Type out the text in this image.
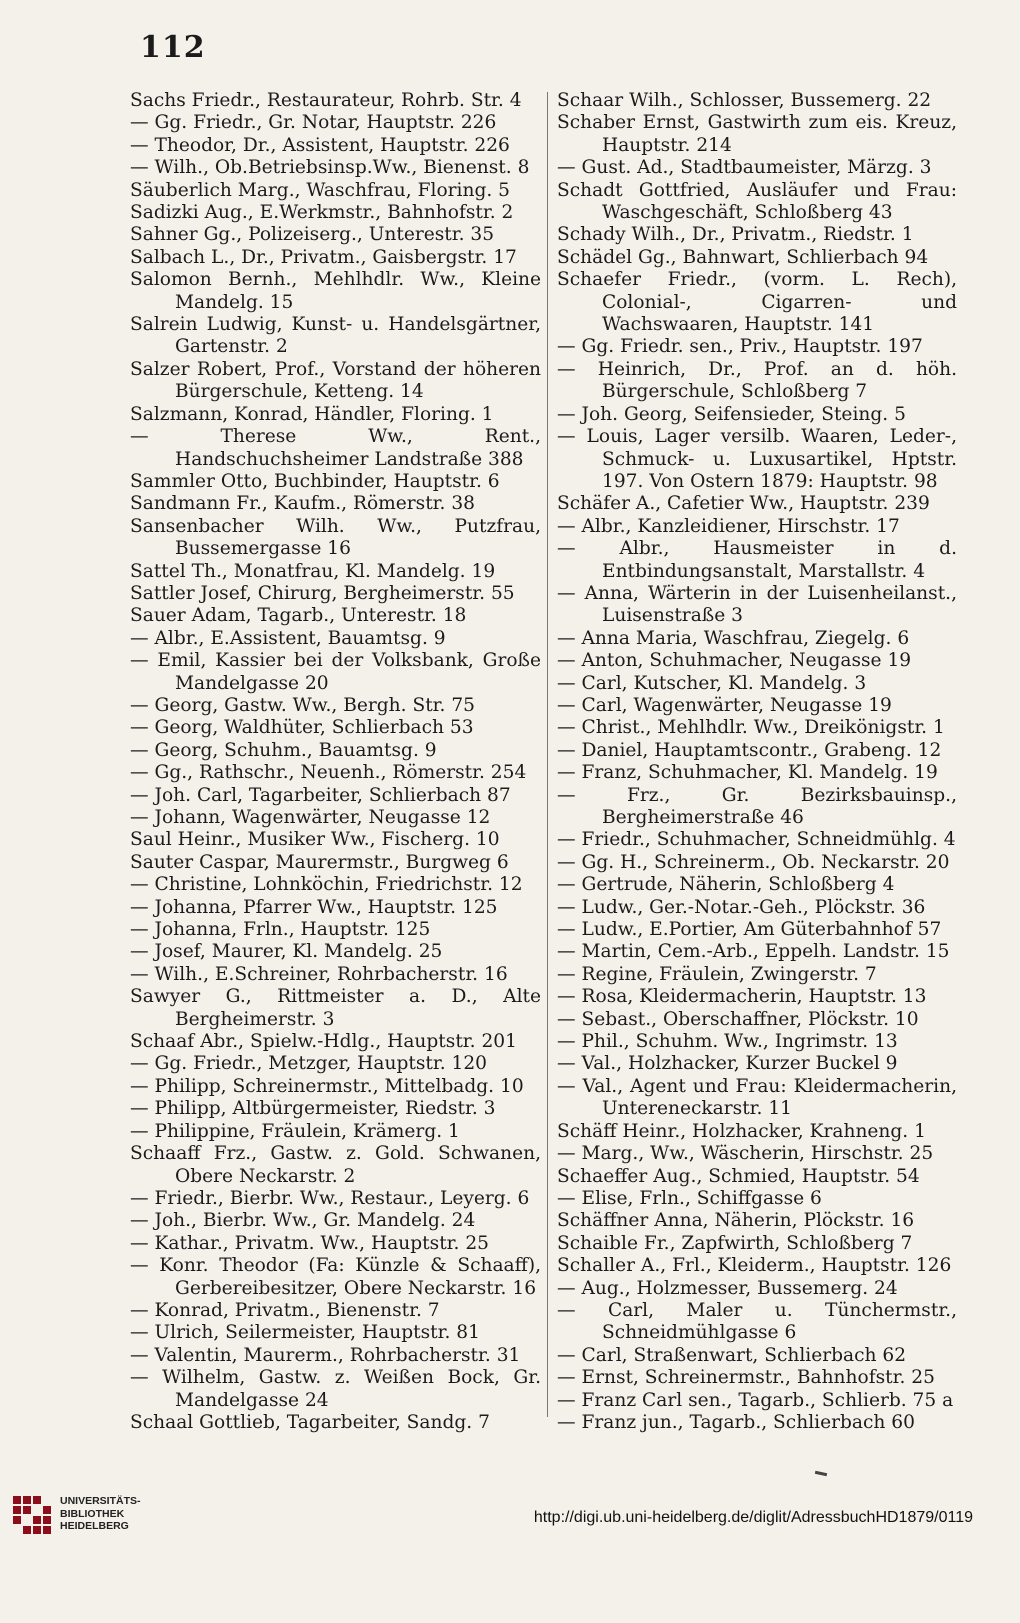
112
Sachs Friedr., Restaurateur, Rohrb. Str. 4
— Gg. Friedr., Gr. Notar, Hauptstr. 226
— Theodor, Dr., Assistent, Hauptstr. 226
— Wilh., Ob.Betriebsinsp.Ww., Bienenst. 8
Säuberlich Marg., Waschfrau, Floring. 5
Sadizki Aug., E.Werkmstr., Bahnhofstr. 2
Sahner Gg., Polizeiserg., Unterestr. 35
Salbach L., Dr., Privatm., Gaisbergstr. 17
Salomon Bernh., Mehlhdlr. Ww., Kleine Mandelg. 15
Salrein Ludwig, Kunst- u. Handelsgärtner, Gartenstr. 2
Salzer Robert, Prof., Vorstand der höheren Bürgerschule, Ketteng. 14
Salzmann, Konrad, Händler, Floring. 1
— Therese Ww., Rent., Handschuchsheimer Landstraße 388
Sammler Otto, Buchbinder, Hauptstr. 6
Sandmann Fr., Kaufm., Römerstr. 38
Sansenbacher Wilh. Ww., Putzfrau, Bussemergasse 16
Sattel Th., Monatfrau, Kl. Mandelg. 19
Sattler Josef, Chirurg, Bergheimerstr. 55
Sauer Adam, Tagarb., Unterestr. 18
— Albr., E.Assistent, Bauamtsg. 9
— Emil, Kassier bei der Volksbank, Große Mandelgasse 20
— Georg, Gastw. Ww., Bergh. Str. 75
— Georg, Waldhüter, Schlierbach 53
— Georg, Schuhm., Bauamtsg. 9
— Gg., Rathschr., Neuenh., Römerstr. 254
— Joh. Carl, Tagarbeiter, Schlierbach 87
— Johann, Wagenwärter, Neugasse 12
Saul Heinr., Musiker Ww., Fischerg. 10
Sauter Caspar, Maurermstr., Burgweg 6
— Christine, Lohnköchin, Friedrichstr. 12
— Johanna, Pfarrer Ww., Hauptstr. 125
— Johanna, Frln., Hauptstr. 125
— Josef, Maurer, Kl. Mandelg. 25
— Wilh., E.Schreiner, Rohrbacherstr. 16
Sawyer G., Rittmeister a. D., Alte Bergheimerstr. 3
Schaaf Abr., Spielw.-Hdlg., Hauptstr. 201
— Gg. Friedr., Metzger, Hauptstr. 120
— Philipp, Schreinermstr., Mittelbadg. 10
— Philipp, Altbürgermeister, Riedstr. 3
— Philippine, Fräulein, Krämerg. 1
Schaaff Frz., Gastw. z. Gold. Schwanen, Obere Neckarstr. 2
— Friedr., Bierbr. Ww., Restaur., Leyerg. 6
— Joh., Bierbr. Ww., Gr. Mandelg. 24
— Kathar., Privatm. Ww., Hauptstr. 25
— Konr. Theodor (Fa: Künzle & Schaaff), Gerbereibesitzer, Obere Neckarstr. 16
— Konrad, Privatm., Bienenstr. 7
— Ulrich, Seilermeister, Hauptstr. 81
— Valentin, Maurerm., Rohrbacherstr. 31
— Wilhelm, Gastw. z. Weißen Bock, Gr. Mandelgasse 24
Schaal Gottlieb, Tagarbeiter, Sandg. 7
Schaar Wilh., Schlosser, Bussemerg. 22
Schaber Ernst, Gastwirth zum eis. Kreuz, Hauptstr. 214
— Gust. Ad., Stadtbaumeister, Märzg. 3
Schadt Gottfried, Ausläufer und Frau: Waschgeschäft, Schloßberg 43
Schady Wilh., Dr., Privatm., Riedstr. 1
Schädel Gg., Bahnwart, Schlierbach 94
Schaefer Friedr., (vorm. L. Rech), Colonial-, Cigarren- und Wachswaaren, Hauptstr. 141
— Gg. Friedr. sen., Priv., Hauptstr. 197
— Heinrich, Dr., Prof. an d. höh. Bürgerschule, Schloßberg 7
— Joh. Georg, Seifensieder, Steing. 5
— Louis, Lager versilb. Waaren, Leder-, Schmuck- u. Luxusartikel, Hptstr. 197. Von Ostern 1879: Hauptstr. 98
Schäfer A., Cafetier Ww., Hauptstr. 239
— Albr., Kanzleidiener, Hirschstr. 17
— Albr., Hausmeister in d. Entbindungsanstalt, Marstallstr. 4
— Anna, Wärterin in der Luisenheilanst., Luisenstraße 3
— Anna Maria, Waschfrau, Ziegelg. 6
— Anton, Schuhmacher, Neugasse 19
— Carl, Kutscher, Kl. Mandelg. 3
— Carl, Wagenwärter, Neugasse 19
— Christ., Mehlhdlr. Ww., Dreikönigstr. 1
— Daniel, Hauptamtscontr., Grabeng. 12
— Franz, Schuhmacher, Kl. Mandelg. 19
— Frz., Gr. Bezirksbauinsp., Bergheimerstraße 46
— Friedr., Schuhmacher, Schneidmühlg. 4
— Gg. H., Schreinerm., Ob. Neckarstr. 20
— Gertrude, Näherin, Schloßberg 4
— Ludw., Ger.-Notar.-Geh., Plöckstr. 36
— Ludw., E.Portier, Am Güterbahnhof 57
— Martin, Cem.-Arb., Eppelh. Landstr. 15
— Regine, Fräulein, Zwingerstr. 7
— Rosa, Kleidermacherin, Hauptstr. 13
— Sebast., Oberschaffner, Plöckstr. 10
— Phil., Schuhm. Ww., Ingrimstr. 13
— Val., Holzhacker, Kurzer Buckel 9
— Val., Agent und Frau: Kleidermacherin, Untereneckarstr. 11
Schäff Heinr., Holzhacker, Krahneng. 1
— Marg., Ww., Wäscherin, Hirschstr. 25
Schaeffer Aug., Schmied, Hauptstr. 54
— Elise, Frln., Schiffgasse 6
Schäffner Anna, Näherin, Plöckstr. 16
Schaible Fr., Zapfwirth, Schloßberg 7
Schaller A., Frl., Kleiderm., Hauptstr. 126
— Aug., Holzmesser, Bussemerg. 24
— Carl, Maler u. Tünchermstr., Schneidmühlgasse 6
— Carl, Straßenwart, Schlierbach 62
— Ernst, Schreinermstr., Bahnhofstr. 25
— Franz Carl sen., Tagarb., Schlierb. 75 a
— Franz jun., Tagarb., Schlierbach 60
UNIVERSITÄTS-
BIBLIOTHEK
HEIDELBERG
http://digi.ub.uni-heidelberg.de/diglit/AdressbuchHD1879/0119
